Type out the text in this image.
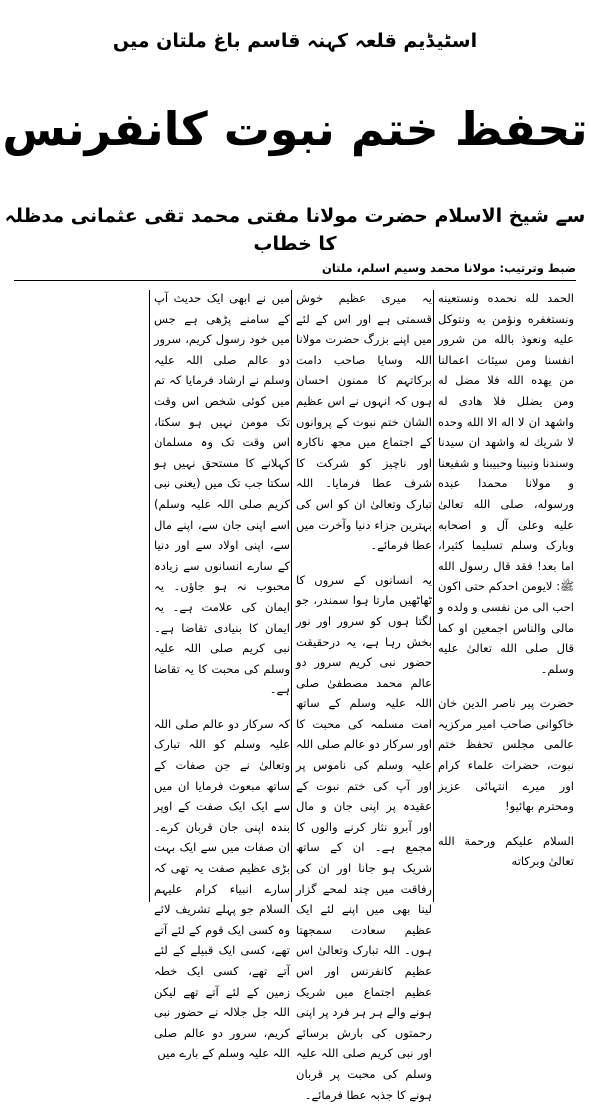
اسٹیڈیم قلعہ کہنہ قاسم باغ ملتان میں
تحفظ ختم نبوت کانفرنس
سے شیخ الاسلام حضرت مولانا مفتی محمد تقی عثمانی مدظلہ کا خطاب
ضبط وترتیب: مولانا محمد وسیم اسلم، ملتان

الحمد لله نحمده ونستعينه ونستغفره ونؤمن به ونتوكل عليه ونعوذ بالله من شرور انفسنا ومن سيئات اعمالنا من يهده الله فلا مضل له ومن يضلل فلا هادى له واشهد ان لا اله الا الله وحده لا شريك له واشهد ان سيدنا وسندنا ونبينا وحبيبنا و شفيعنا و مولانا محمدا عبده ورسوله، صلى الله تعالىٰ عليه وعلى آل و اصحابه وبارک وسلم تسليما كثيرا، اما بعد! فقد قال رسول الله ﷺ: لايومن احدكم حتى اكون احب الى من نفسى و ولده و مالى والناس اجمعين او كما قال صلى الله تعالىٰ عليه وسلم۔

حضرت پیر ناصر الدین خان خاکوانی صاحب امیر مرکزیہ عالمی مجلس تحفظ ختم نبوت، حضرات علماء کرام اور میرے انتہائی عزیز ومحترم بھائیو!

السلام علیکم ورحمة الله تعالیٰ وبرکاته

یہ میری عظیم خوش قسمتی ہے اور اس کے لئے میں اپنے بزرگ حضرت مولانا اللہ وسایا صاحب دامت برکاتہم کا ممنون احسان ہوں کہ انہوں نے اس عظیم الشان ختم نبوت کے پروانوں کے اجتماع میں مجھ ناکارہ اور ناچیز کو شرکت کا شرف عطا فرمایا۔ اللہ تبارک وتعالیٰ ان کو اس کی بہترین جزاء دنیا وآخرت میں عطا فرمائے۔

یہ انسانوں کے سروں کا ٹھاٹھیں مارتا ہوا سمندر، جو لگتا ہوں کو سرور اور نور بخش رہا ہے، یہ درحقیقت حضور نبی کریم سرور دو عالم محمد مصطفیٰ صلی اللہ علیہ وسلم کے ساتھ امت مسلمہ کی محبت کا اور سرکار دو عالم صلی اللہ علیہ وسلم کی ناموس پر اور آپ کی ختم نبوت کے عقیدہ پر اپنی جان و مال اور آبرو نثار کرنے والوں کا مجمع ہے۔ ان کے ساتھ شریک ہو جانا اور ان کی رفاقت میں چند لمحے گزار لینا بھی میں اپنے لئے ایک عظیم سعادت سمجھتا ہوں۔ اللہ تبارک وتعالیٰ اس عظیم کانفرنس اور اس عظیم اجتماع میں شریک ہونے والے ہر ہر فرد پر اپنی رحمتوں کی بارش برسائے اور نبی کریم صلی اللہ علیہ وسلم کی محبت پر قربان ہونے کا جذبہ عطا فرمائے۔

میں نے ابھی ایک حدیث آپ کے سامنے پڑھی ہے جس میں خود رسول کریم، سرور دو عالم صلی اللہ علیہ وسلم نے ارشاد فرمایا کہ تم میں کوئی شخص اس وقت تک مومن نہیں ہو سکتا، اس وقت تک وہ مسلمان کہلانے کا مستحق نہیں ہو سکتا جب تک میں (یعنی نبی کریم صلی اللہ علیہ وسلم) اسے اپنی جان سے، اپنے مال سے، اپنی اولاد سے اور دنیا کے سارے انسانوں سے زیادہ محبوب نہ ہو جاؤں۔ یہ ایمان کی علامت ہے۔ یہ ایمان کا بنیادی تقاضا ہے۔ نبی کریم صلی اللہ علیہ وسلم کی محبت کا یہ تقاضا ہے۔

کہ سرکار دو عالم صلی اللہ علیہ وسلم کو اللہ تبارک وتعالیٰ نے جن صفات کے ساتھ مبعوث فرمایا ان میں سے ایک ایک صفت کے اوپر بندہ اپنی جان قربان کرے۔ ان صفات میں سے ایک بہت بڑی عظیم صفت یہ تھی کہ سارے انبیاء کرام علیہم السلام جو پہلے تشریف لائے وہ کسی ایک قوم کے لئے آتے تھے، کسی ایک قبیلے کے لئے آتے تھے، کسی ایک خطہ زمین کے لئے آتے تھے لیکن اللہ جل جلالہ نے حضور نبی کریم، سرور دو عالم صلی اللہ علیہ وسلم کے بارے میں
